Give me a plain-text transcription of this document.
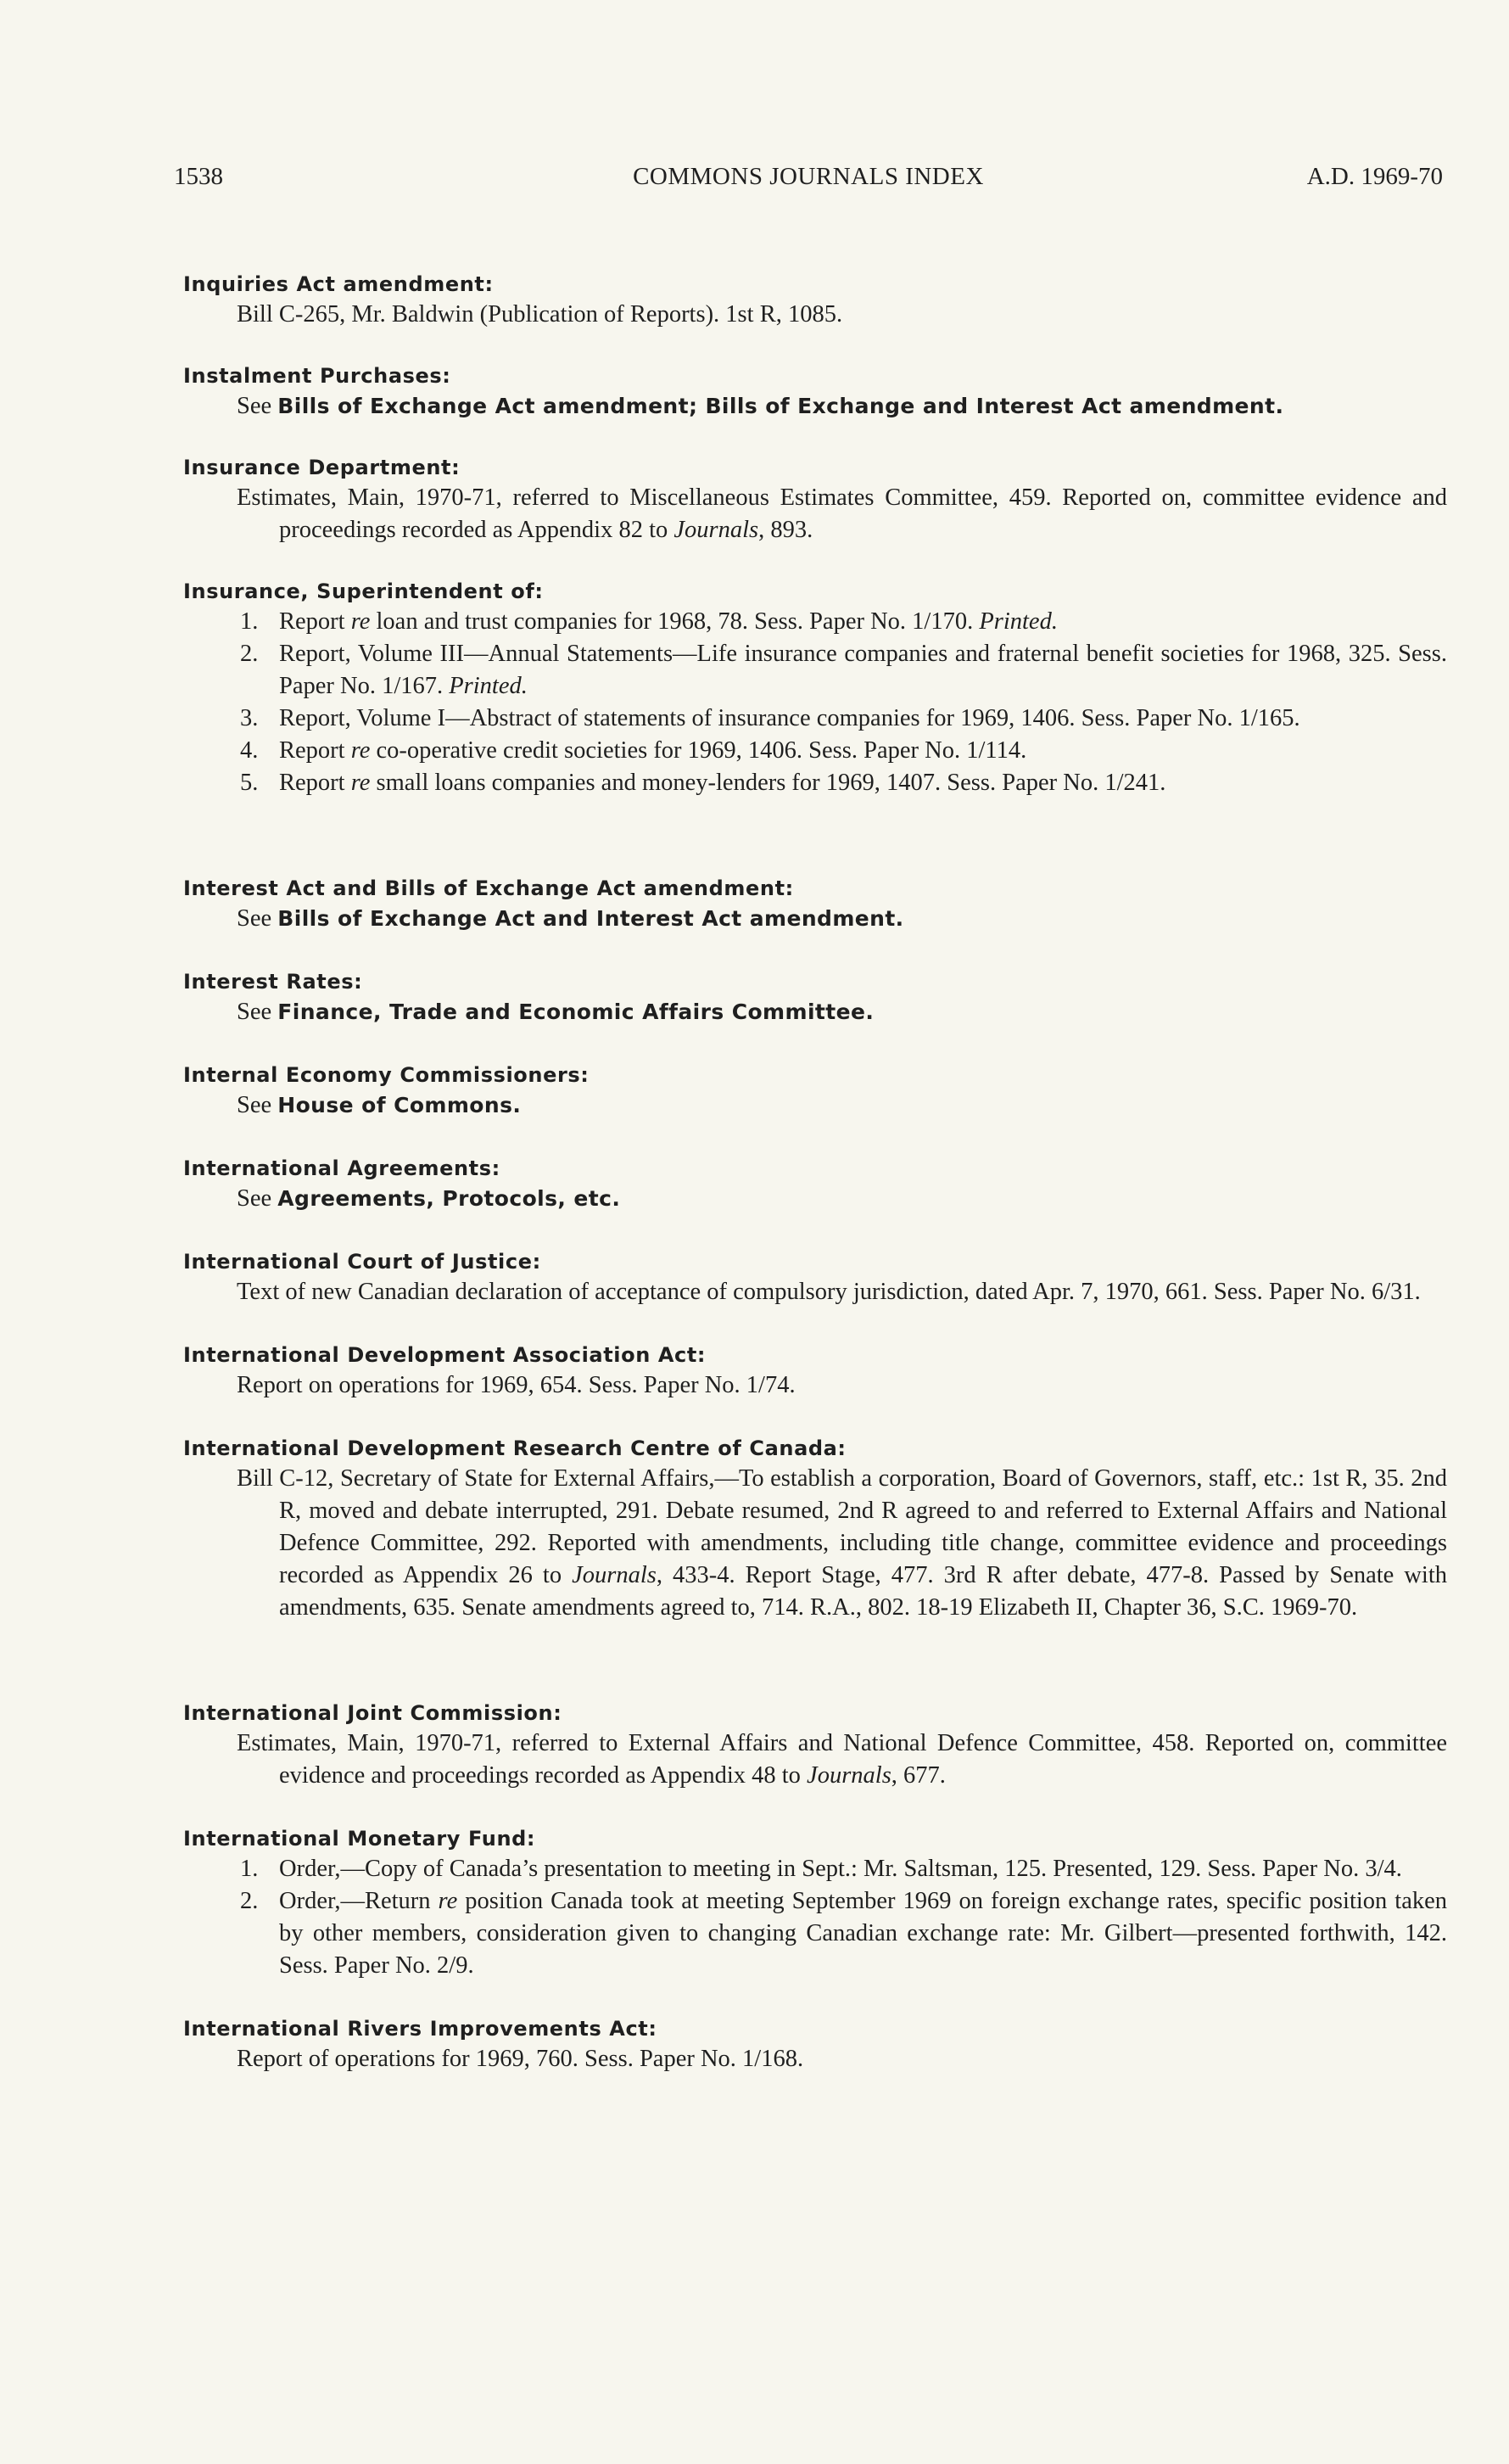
1538	COMMONS JOURNALS INDEX	A.D. 1969-70

Inquiries Act amendment:

Bill C-265, Mr. Baldwin (Publication of Reports). 1st R, 1085.

Instalment Purchases:

See Bills of Exchange Act amendment; Bills of Exchange and Interest Act amendment.

Insurance Department:

Estimates, Main, 1970-71, referred to Miscellaneous Estimates Committee, 459. Reported on, committee evidence and proceedings recorded as Appendix 82 to Journals, 893.

Insurance, Superintendent of:

1. Report re loan and trust companies for 1968, 78. Sess. Paper No. 1/170. Printed.

2. Report, Volume III—Annual Statements—Life insurance companies and fraternal benefit societies for 1968, 325. Sess. Paper No. 1/167. Printed.

3. Report, Volume I—Abstract of statements of insurance companies for 1969, 1406. Sess. Paper No. 1/165.

4. Report re co-operative credit societies for 1969, 1406. Sess. Paper No. 1/114.

5. Report re small loans companies and money-lenders for 1969, 1407. Sess. Paper No. 1/241.

Interest Act and Bills of Exchange Act amendment:

See Bills of Exchange Act and Interest Act amendment.

Interest Rates:

See Finance, Trade and Economic Affairs Committee.

Internal Economy Commissioners:

See House of Commons.

International Agreements:

See Agreements, Protocols, etc.

International Court of Justice:

Text of new Canadian declaration of acceptance of compulsory jurisdiction, dated Apr. 7, 1970, 661. Sess. Paper No. 6/31.

International Development Association Act:

Report on operations for 1969, 654. Sess. Paper No. 1/74.

International Development Research Centre of Canada:

Bill C-12, Secretary of State for External Affairs,—To establish a corporation, Board of Governors, staff, etc.: 1st R, 35. 2nd R, moved and debate interrupted, 291. Debate resumed, 2nd R agreed to and referred to External Affairs and National Defence Committee, 292. Reported with amendments, including title change, committee evidence and proceedings recorded as Appendix 26 to Journals, 433-4. Report Stage, 477. 3rd R after debate, 477-8. Passed by Senate with amendments, 635. Senate amendments agreed to, 714. R.A., 802. 18-19 Elizabeth II, Chapter 36, S.C. 1969-70.

International Joint Commission:

Estimates, Main, 1970-71, referred to External Affairs and National Defence Committee, 458. Reported on, committee evidence and proceedings recorded as Appendix 48 to Journals, 677.

International Monetary Fund:

1. Order,—Copy of Canada’s presentation to meeting in Sept.: Mr. Saltsman, 125. Presented, 129. Sess. Paper No. 3/4.

2. Order,—Return re position Canada took at meeting September 1969 on foreign exchange rates, specific position taken by other members, consideration given to changing Canadian exchange rate: Mr. Gilbert—presented forthwith, 142. Sess. Paper No. 2/9.

International Rivers Improvements Act:

Report of operations for 1969, 760. Sess. Paper No. 1/168.
